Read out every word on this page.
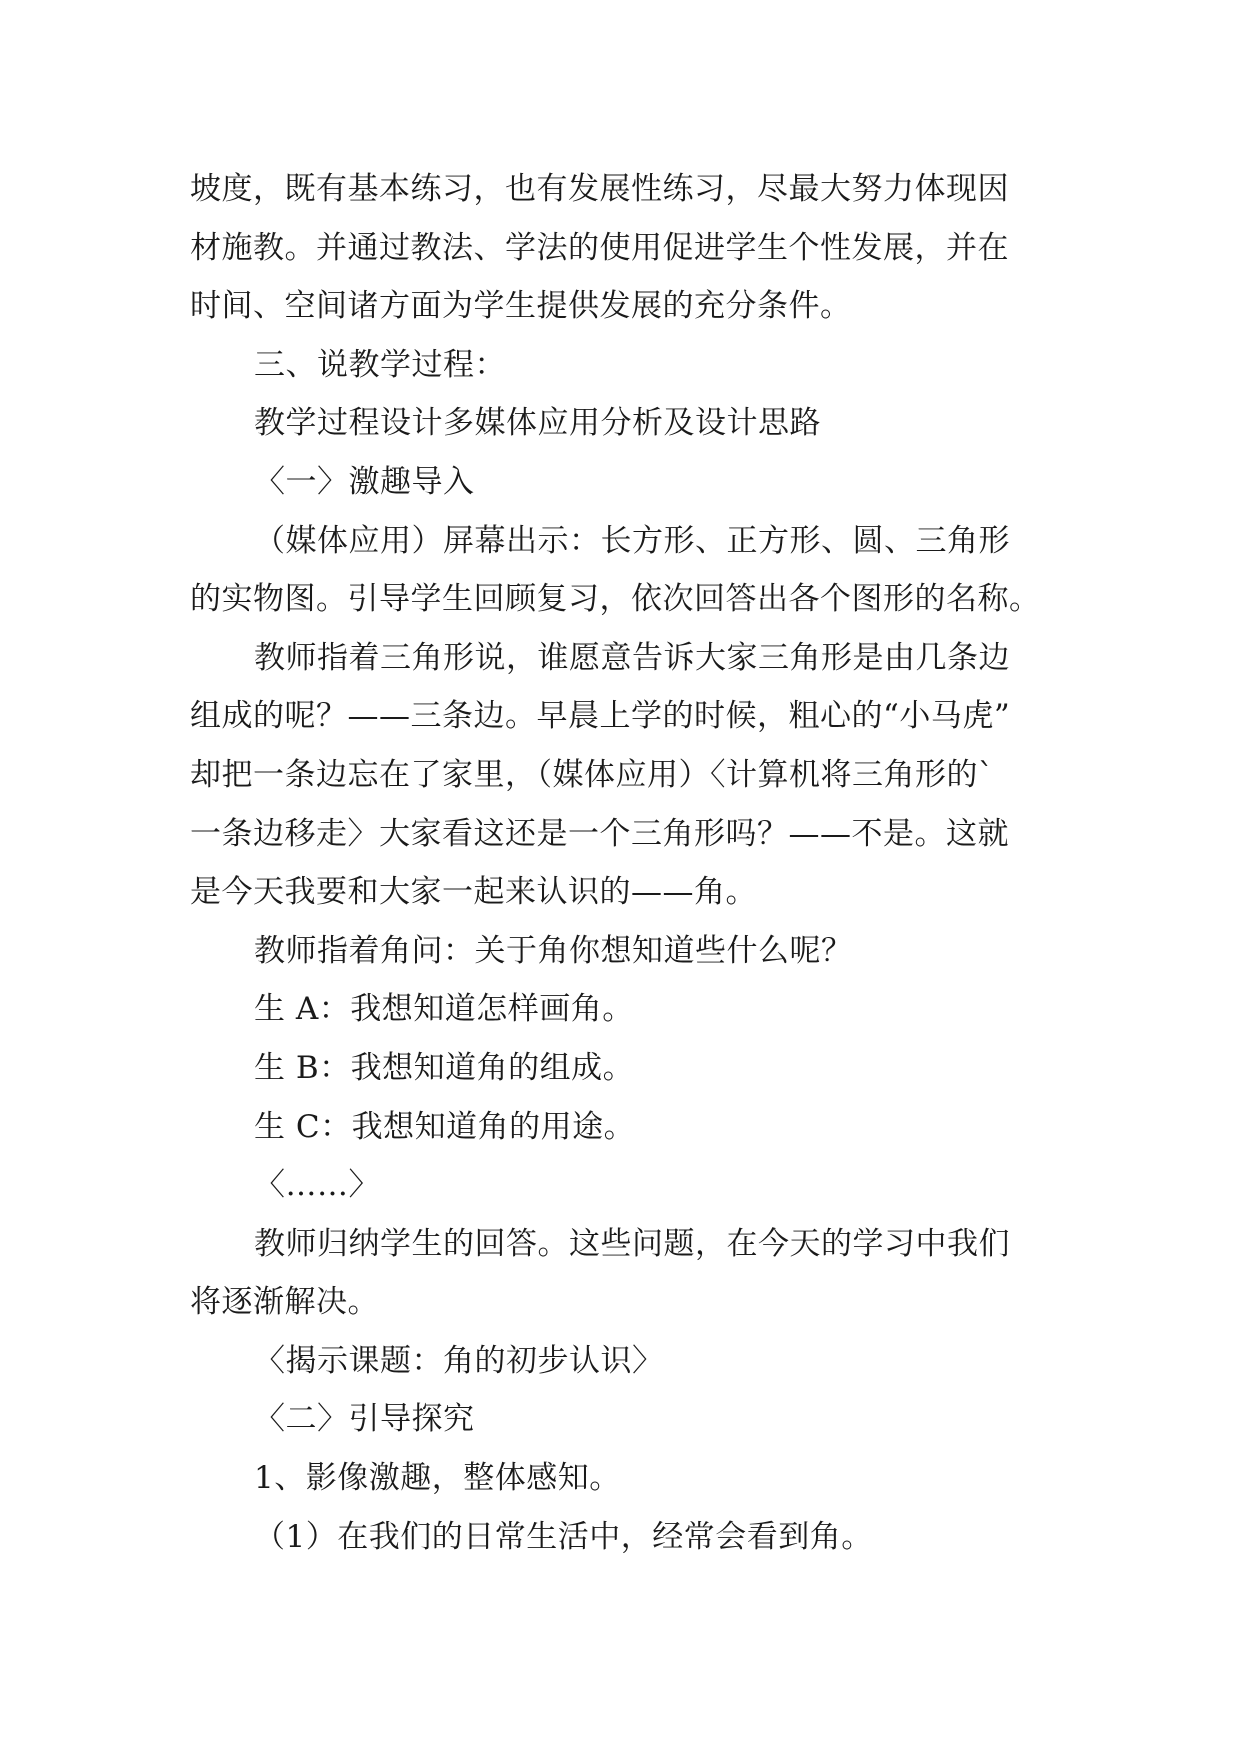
坡度，既有基本练习，也有发展性练习，尽最大努力体现因
材施教。并通过教法、学法的使用促进学生个性发展，并在
时间、空间诸方面为学生提供发展的充分条件。
三、说教学过程：
教学过程设计多媒体应用分析及设计思路
〈一〉激趣导入
（媒体应用）屏幕出示：长方形、正方形、圆、三角形
的实物图。引导学生回顾复习，依次回答出各个图形的名称。
教师指着三角形说，谁愿意告诉大家三角形是由几条边
组成的呢？——三条边。早晨上学的时候，粗心的“小马虎”
却把一条边忘在了家里，（媒体应用）〈计算机将三角形的`
一条边移走〉大家看这还是一个三角形吗？——不是。这就
是今天我要和大家一起来认识的——角。
教师指着角问：关于角你想知道些什么呢？
生 A：我想知道怎样画角。
生 B：我想知道角的组成。
生 C：我想知道角的用途。
〈……〉
教师归纳学生的回答。这些问题，在今天的学习中我们
将逐渐解决。
〈揭示课题：角的初步认识〉
〈二〉引导探究
1、影像激趣，整体感知。
（1）在我们的日常生活中，经常会看到角。
